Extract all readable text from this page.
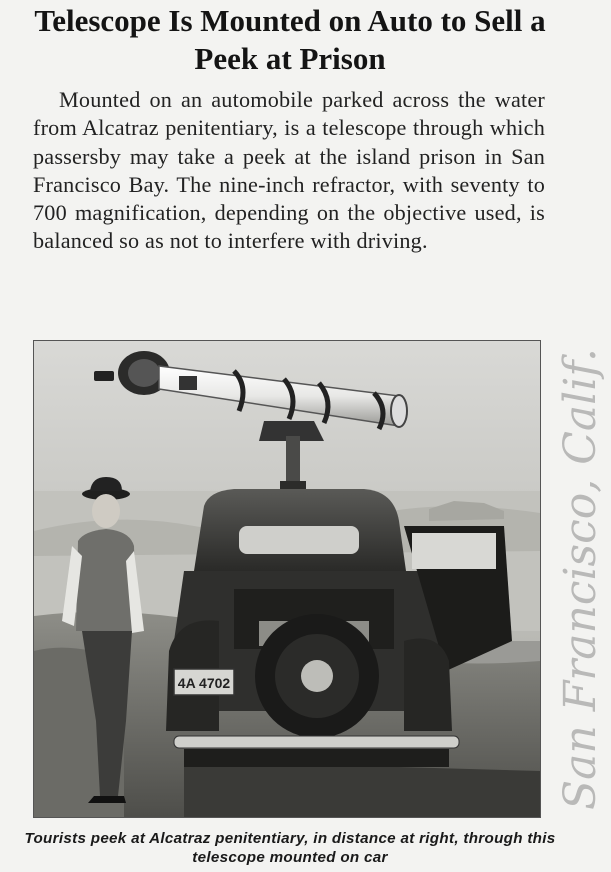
Telescope Is Mounted on Auto to Sell a Peek at Prison
Mounted on an automobile parked across the water from Alcatraz penitentiary, is a telescope through which passersby may take a peek at the island prison in San Francisco Bay. The nine-inch refractor, with seventy to 700 magnification, depending on the objective used, is balanced so as not to interfere with driving.
4A 4702
Tourists peek at Alcatraz penitentiary, in distance at right, through this telescope mounted on car
San Francisco, Calif.
